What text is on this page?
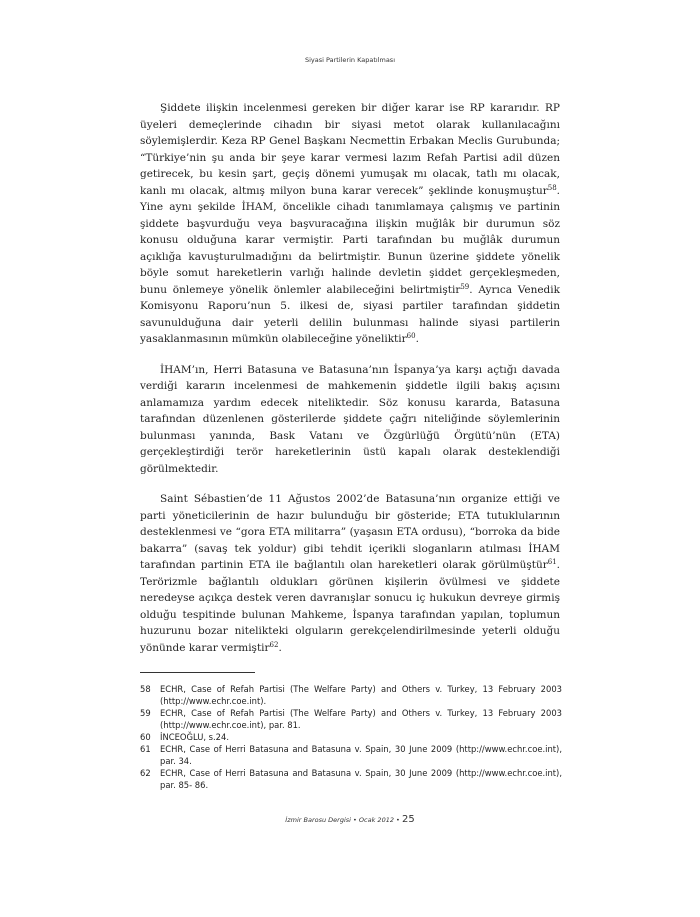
Siyasi Partilerin Kapatılması

Şiddete ilişkin incelenmesi gereken bir diğer karar ise RP kararıdır. RP üyeleri demeçlerinde cihadın bir siyasi metot olarak kullanılacağını söylemişlerdir. Keza RP Genel Başkanı Necmettin Erbakan Meclis Gurubunda; “Türkiye’nin şu anda bir şeye karar vermesi lazım Refah Partisi adil düzen getirecek, bu kesin şart, geçiş dönemi yumuşak mı olacak, tatlı mı olacak, kanlı mı olacak, altmış milyon buna karar verecek” şeklinde konuşmuştur$^{58}$. Yine aynı şekilde İHAM, öncelikle cihadı tanımlamaya çalışmış ve partinin şiddete başvurduğu veya başvuracağına ilişkin muğlâk bir durumun söz konusu olduğuna karar vermiştir. Parti tarafından bu muğlâk durumun açıklığa kavuşturulmadığını da belirtmiştir. Bunun üzerine şiddete yönelik böyle somut hareketlerin varlığı halinde devletin şiddet gerçekleşmeden, bunu önlemeye yönelik önlemler alabileceğini belirtmiştir$^{59}$. Ayrıca Venedik Komisyonu Raporu’nun 5. ilkesi de, siyasi partiler tarafından şiddetin savunulduğuna dair yeterli delilin bulunması halinde siyasi partilerin yasaklanmasının mümkün olabileceğine yöneliktir$^{60}$.

İHAM’ın, Herri Batasuna ve Batasuna’nın İspanya’ya karşı açtığı davada verdiği kararın incelenmesi de mahkemenin şiddetle ilgili bakış açısını anlamamıza yardım edecek niteliktedir. Söz konusu kararda, Batasuna tarafından düzenlenen gösterilerde şiddete çağrı niteliğinde söylemlerinin bulunması yanında, Bask Vatanı ve Özgürlüğü Örgütü’nün (ETA) gerçekleştirdiği terör hareketlerinin üstü kapalı olarak desteklendiği görülmektedir.

Saint Sébastien’de 11 Ağustos 2002’de Batasuna’nın organize ettiği ve parti yöneticilerinin de hazır bulunduğu bir gösteride; ETA tutuklularının desteklenmesi ve “gora ETA militarra” (yaşasın ETA ordusu), “borroka da bide bakarra” (savaş tek yoldur) gibi tehdit içerikli sloganların atılması İHAM tarafından partinin ETA ile bağlantılı olan hareketleri olarak görülmüştür$^{61}$. Terörizmle bağlantılı oldukları görünen kişilerin övülmesi ve şiddete neredeyse açıkça destek veren davranışlar sonucu iç hukukun devreye girmiş olduğu tespitinde bulunan Mahkeme, İspanya tarafından yapılan, toplumun huzurunu bozar nitelikteki olguların gerekçelendirilmesinde yeterli olduğu yönünde karar vermiştir$^{62}$.

58	ECHR, Case of Refah Partisi (The Welfare Party) and Others v. Turkey, 13 February 2003 (http://www.echr.coe.int).
59	ECHR, Case of Refah Partisi (The Welfare Party) and Others v. Turkey, 13 February 2003 (http://www.echr.coe.int), par. 81.
60	İNCEOĞLU, s.24.
61	ECHR, Case of Herri Batasuna and Batasuna v. Spain, 30 June 2009 (http://www.echr.coe.int), par. 34.
62	ECHR, Case of Herri Batasuna and Batasuna v. Spain, 30 June 2009 (http://www.echr.coe.int), par. 85- 86.
İzmir Barosu Dergisi • Ocak 2012 • 25
